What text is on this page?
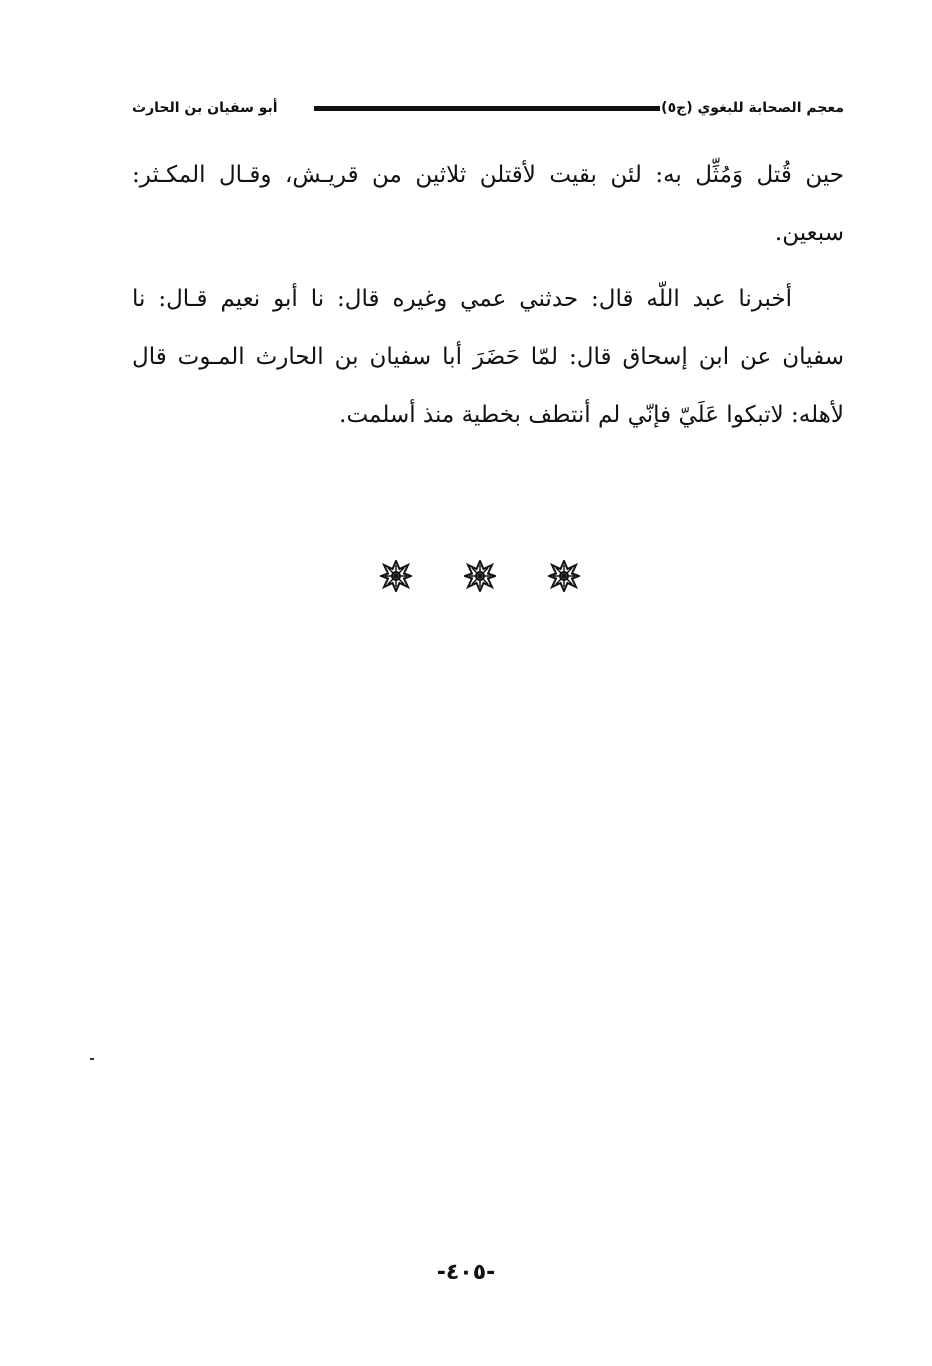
معجم الصحابة للبغوي (ج٥)
أبو سفيان بن الحارث

حين قُتل وَمُثِّل به: لئن بقيت لأقتلن ثلاثين من قريـش، وقـال المكـثر: سبعين.

أخبرنا عبد اللّه قال: حدثني عمي وغيره قال: نا أبو نعيم قـال: نا سفيان عن ابن إسحاق قال: لمّا حَضَرَ أبا سفيان بن الحارث المـوت قال لأهله: لاتبكوا عَلَيّ فإنّي لم أنتطف بخطية منذ أسلمت.

-٤٠٥-
